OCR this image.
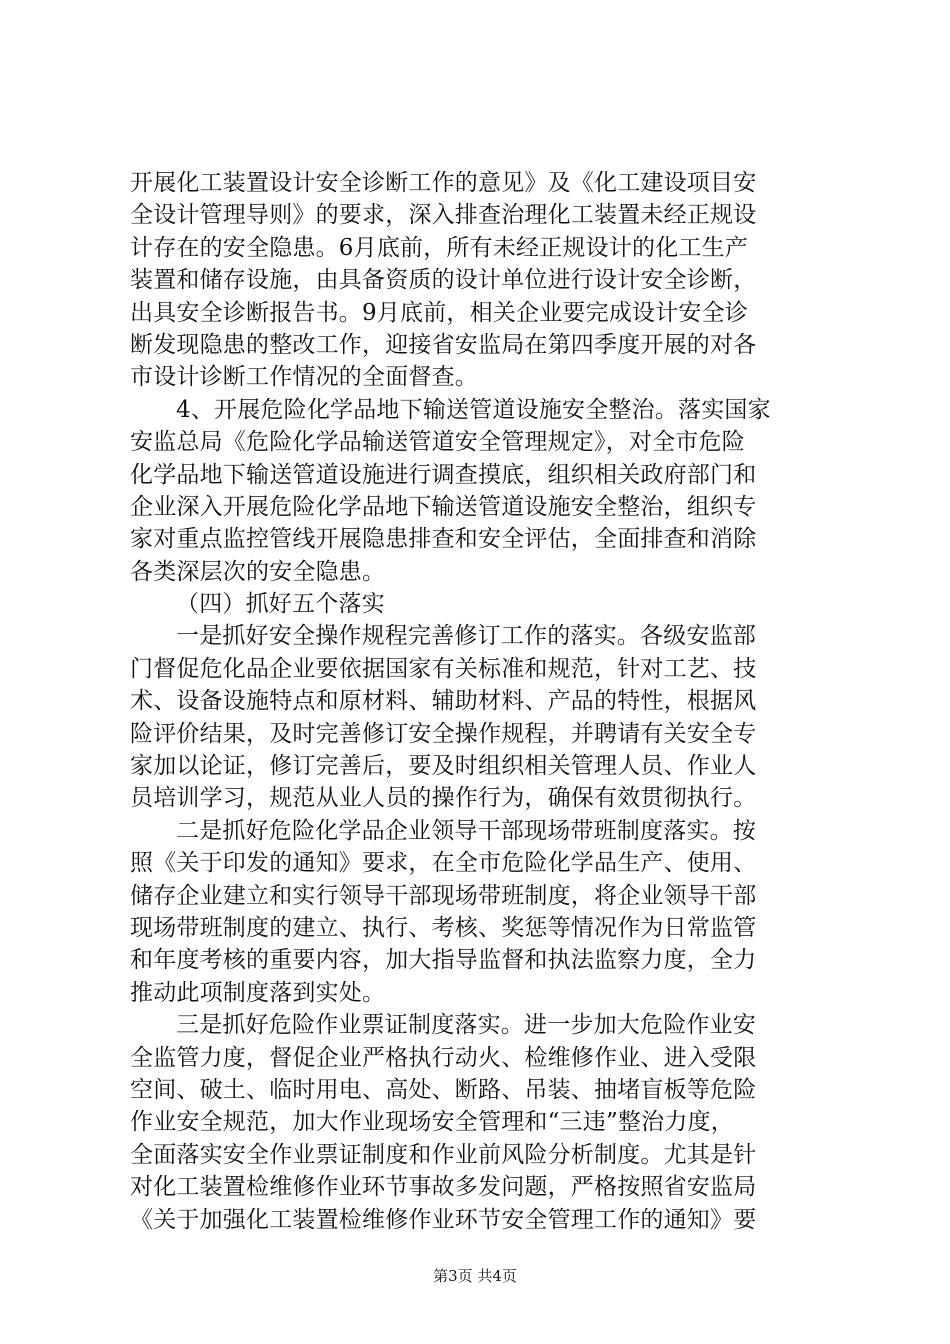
开展化工装置设计安全诊断工作的意见》及《化工建设项目安
全设计管理导则》的要求，深入排查治理化工装置未经正规设
计存在的安全隐患。6月底前，所有未经正规设计的化工生产
装置和储存设施，由具备资质的设计单位进行设计安全诊断，
出具安全诊断报告书。9月底前，相关企业要完成设计安全诊
断发现隐患的整改工作，迎接省安监局在第四季度开展的对各
市设计诊断工作情况的全面督查。
4、开展危险化学品地下输送管道设施安全整治。落实国家
安监总局《危险化学品输送管道安全管理规定》，对全市危险
化学品地下输送管道设施进行调查摸底，组织相关政府部门和
企业深入开展危险化学品地下输送管道设施安全整治，组织专
家对重点监控管线开展隐患排查和安全评估，全面排查和消除
各类深层次的安全隐患。
（四）抓好五个落实
一是抓好安全操作规程完善修订工作的落实。各级安监部
门督促危化品企业要依据国家有关标准和规范，针对工艺、技
术、设备设施特点和原材料、辅助材料、产品的特性，根据风
险评价结果，及时完善修订安全操作规程，并聘请有关安全专
家加以论证，修订完善后，要及时组织相关管理人员、作业人
员培训学习，规范从业人员的操作行为，确保有效贯彻执行。
二是抓好危险化学品企业领导干部现场带班制度落实。按
照《关于印发的通知》要求，在全市危险化学品生产、使用、
储存企业建立和实行领导干部现场带班制度，将企业领导干部
现场带班制度的建立、执行、考核、奖惩等情况作为日常监管
和年度考核的重要内容，加大指导监督和执法监察力度，全力
推动此项制度落到实处。
三是抓好危险作业票证制度落实。进一步加大危险作业安
全监管力度，督促企业严格执行动火、检维修作业、进入受限
空间、破土、临时用电、高处、断路、吊装、抽堵盲板等危险
作业安全规范，加大作业现场安全管理和“三违”整治力度，
全面落实安全作业票证制度和作业前风险分析制度。尤其是针
对化工装置检维修作业环节事故多发问题，严格按照省安监局
《关于加强化工装置检维修作业环节安全管理工作的通知》要
第3页 共4页
